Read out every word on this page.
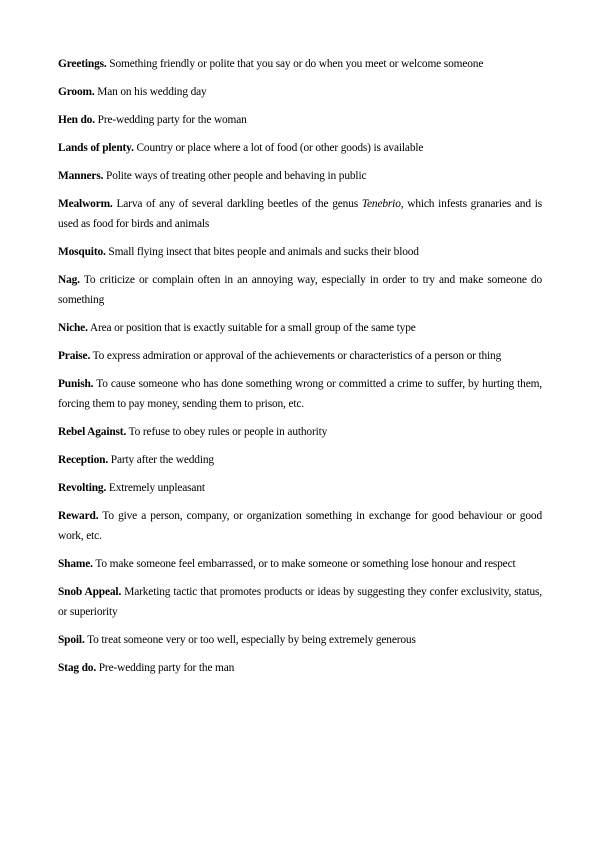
Greetings. Something friendly or polite that you say or do when you meet or welcome someone

Groom. Man on his wedding day

Hen do. Pre-wedding party for the woman

Lands of plenty. Country or place where a lot of food (or other goods) is available

Manners. Polite ways of treating other people and behaving in public

Mealworm. Larva of any of several darkling beetles of the genus Tenebrio, which infests granaries and is used as food for birds and animals

Mosquito. Small flying insect that bites people and animals and sucks their blood

Nag. To criticize or complain often in an annoying way, especially in order to try and make someone do something

Niche. Area or position that is exactly suitable for a small group of the same type

Praise. To express admiration or approval of the achievements or characteristics of a person or thing

Punish. To cause someone who has done something wrong or committed a crime to suffer, by hurting them, forcing them to pay money, sending them to prison, etc.

Rebel Against. To refuse to obey rules or people in authority

Reception. Party after the wedding

Revolting. Extremely unpleasant

Reward. To give a person, company, or organization something in exchange for good behaviour or good work, etc.

Shame. To make someone feel embarrassed, or to make someone or something lose honour and respect

Snob Appeal. Marketing tactic that promotes products or ideas by suggesting they confer exclusivity, status, or superiority

Spoil. To treat someone very or too well, especially by being extremely generous

Stag do. Pre-wedding party for the man
